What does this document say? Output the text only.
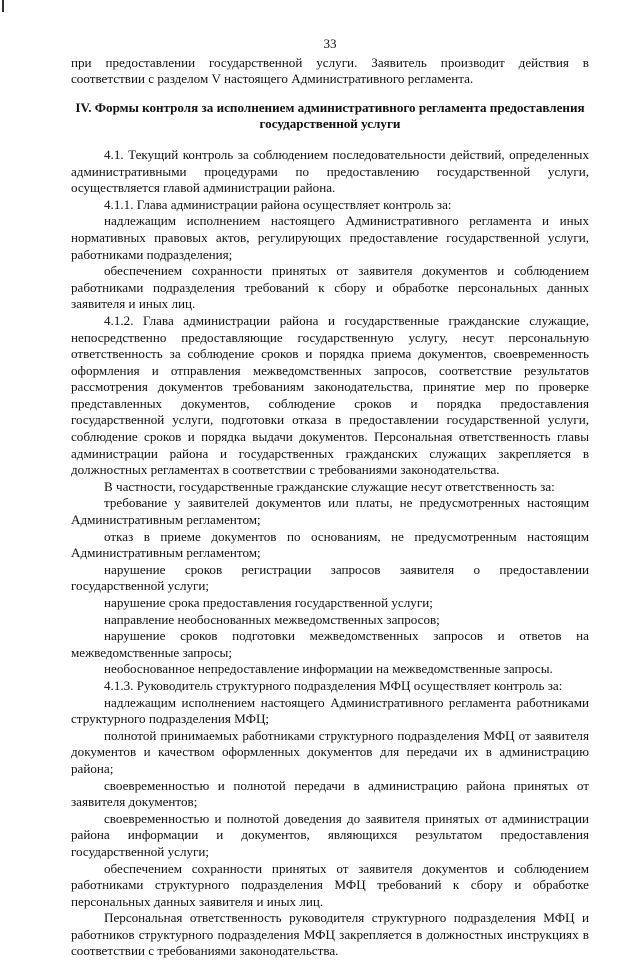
33

при предоставлении государственной услуги. Заявитель производит действия в соответствии с разделом V настоящего Административного регламента.

IV. Формы контроля за исполнением административного регламента предоставления государственной услуги

4.1. Текущий контроль за соблюдением последовательности действий, определенных административными процедурами по предоставлению государственной услуги, осуществляется главой администрации района.

4.1.1. Глава администрации района осуществляет контроль за:

надлежащим исполнением настоящего Административного регламента и иных нормативных правовых актов, регулирующих предоставление государственной услуги, работниками подразделения;

обеспечением сохранности принятых от заявителя документов и соблюдением работниками подразделения требований к сбору и обработке персональных данных заявителя и иных лиц.

4.1.2. Глава администрации района и государственные гражданские служащие, непосредственно предоставляющие государственную услугу, несут персональную ответственность за соблюдение сроков и порядка приема документов, своевременность оформления и отправления межведомственных запросов, соответствие результатов рассмотрения документов требованиям законодательства, принятие мер по проверке представленных документов, соблюдение сроков и порядка предоставления государственной услуги, подготовки отказа в предоставлении государственной услуги, соблюдение сроков и порядка выдачи документов. Персональная ответственность главы администрации района и государственных гражданских служащих закрепляется в должностных регламентах в соответствии с требованиями законодательства.

В частности, государственные гражданские служащие несут ответственность за:

требование у заявителей документов или платы, не предусмотренных настоящим Административным регламентом;

отказ в приеме документов по основаниям, не предусмотренным настоящим Административным регламентом;

нарушение сроков регистрации запросов заявителя о предоставлении государственной услуги;

нарушение срока предоставления государственной услуги;

направление необоснованных межведомственных запросов;

нарушение сроков подготовки межведомственных запросов и ответов на межведомственные запросы;

необоснованное непредоставление информации на межведомственные запросы.

4.1.3. Руководитель структурного подразделения МФЦ осуществляет контроль за:

надлежащим исполнением настоящего Административного регламента работниками структурного подразделения МФЦ;

полнотой принимаемых работниками структурного подразделения МФЦ от заявителя документов и качеством оформленных документов для передачи их в администрацию района;

своевременностью и полнотой передачи в администрацию района принятых от заявителя документов;

своевременностью и полнотой доведения до заявителя принятых от администрации района информации и документов, являющихся результатом предоставления государственной услуги;

обеспечением сохранности принятых от заявителя документов и соблюдением работниками структурного подразделения МФЦ требований к сбору и обработке персональных данных заявителя и иных лиц.

Персональная ответственность руководителя структурного подразделения МФЦ и работников структурного подразделения МФЦ закрепляется в должностных инструкциях в соответствии с требованиями законодательства.
